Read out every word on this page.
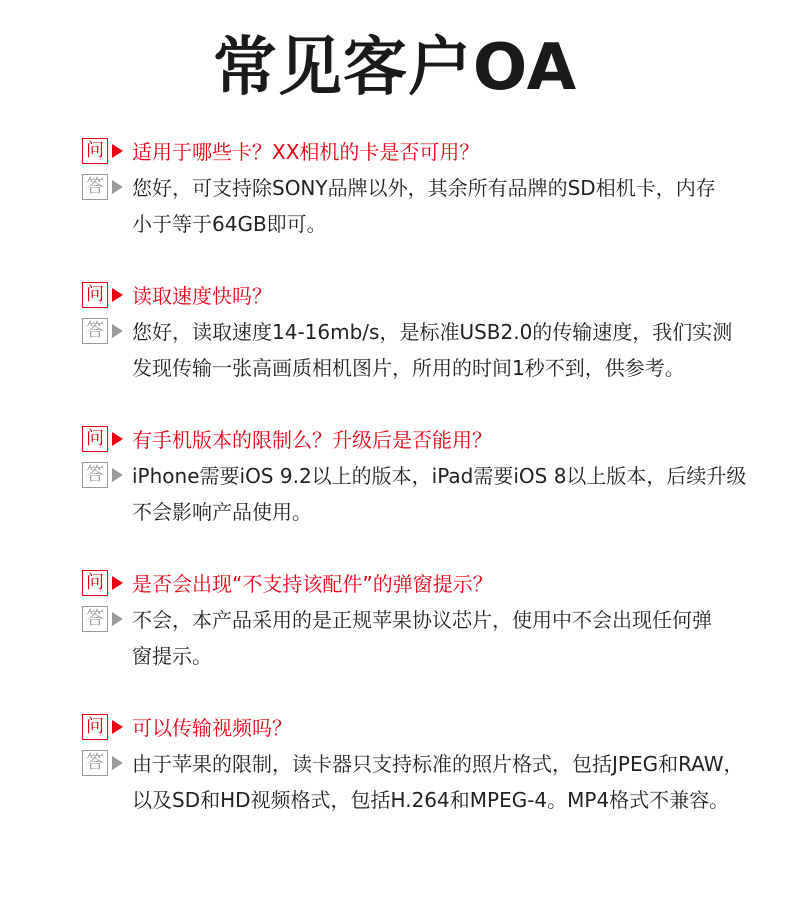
常见客户OA
问 适用于哪些卡？XX相机的卡是否可用？
答 您好，可支持除SONY品牌以外，其余所有品牌的SD相机卡，内存
小于等于64GB即可。
问 读取速度快吗？
答 您好，读取速度14-16mb/s，是标准USB2.0的传输速度，我们实测
发现传输一张高画质相机图片，所用的时间1秒不到，供参考。
问 有手机版本的限制么？升级后是否能用？
答 iPhone需要iOS 9.2以上的版本，iPad需要iOS 8以上版本，后续升级
不会影响产品使用。
问 是否会出现“不支持该配件”的弹窗提示？
答 不会，本产品采用的是正规苹果协议芯片，使用中不会出现任何弹
窗提示。
问 可以传输视频吗？
答 由于苹果的限制，读卡器只支持标准的照片格式，包括JPEG和RAW，
以及SD和HD视频格式，包括H.264和MPEG-4。MP4格式不兼容。
